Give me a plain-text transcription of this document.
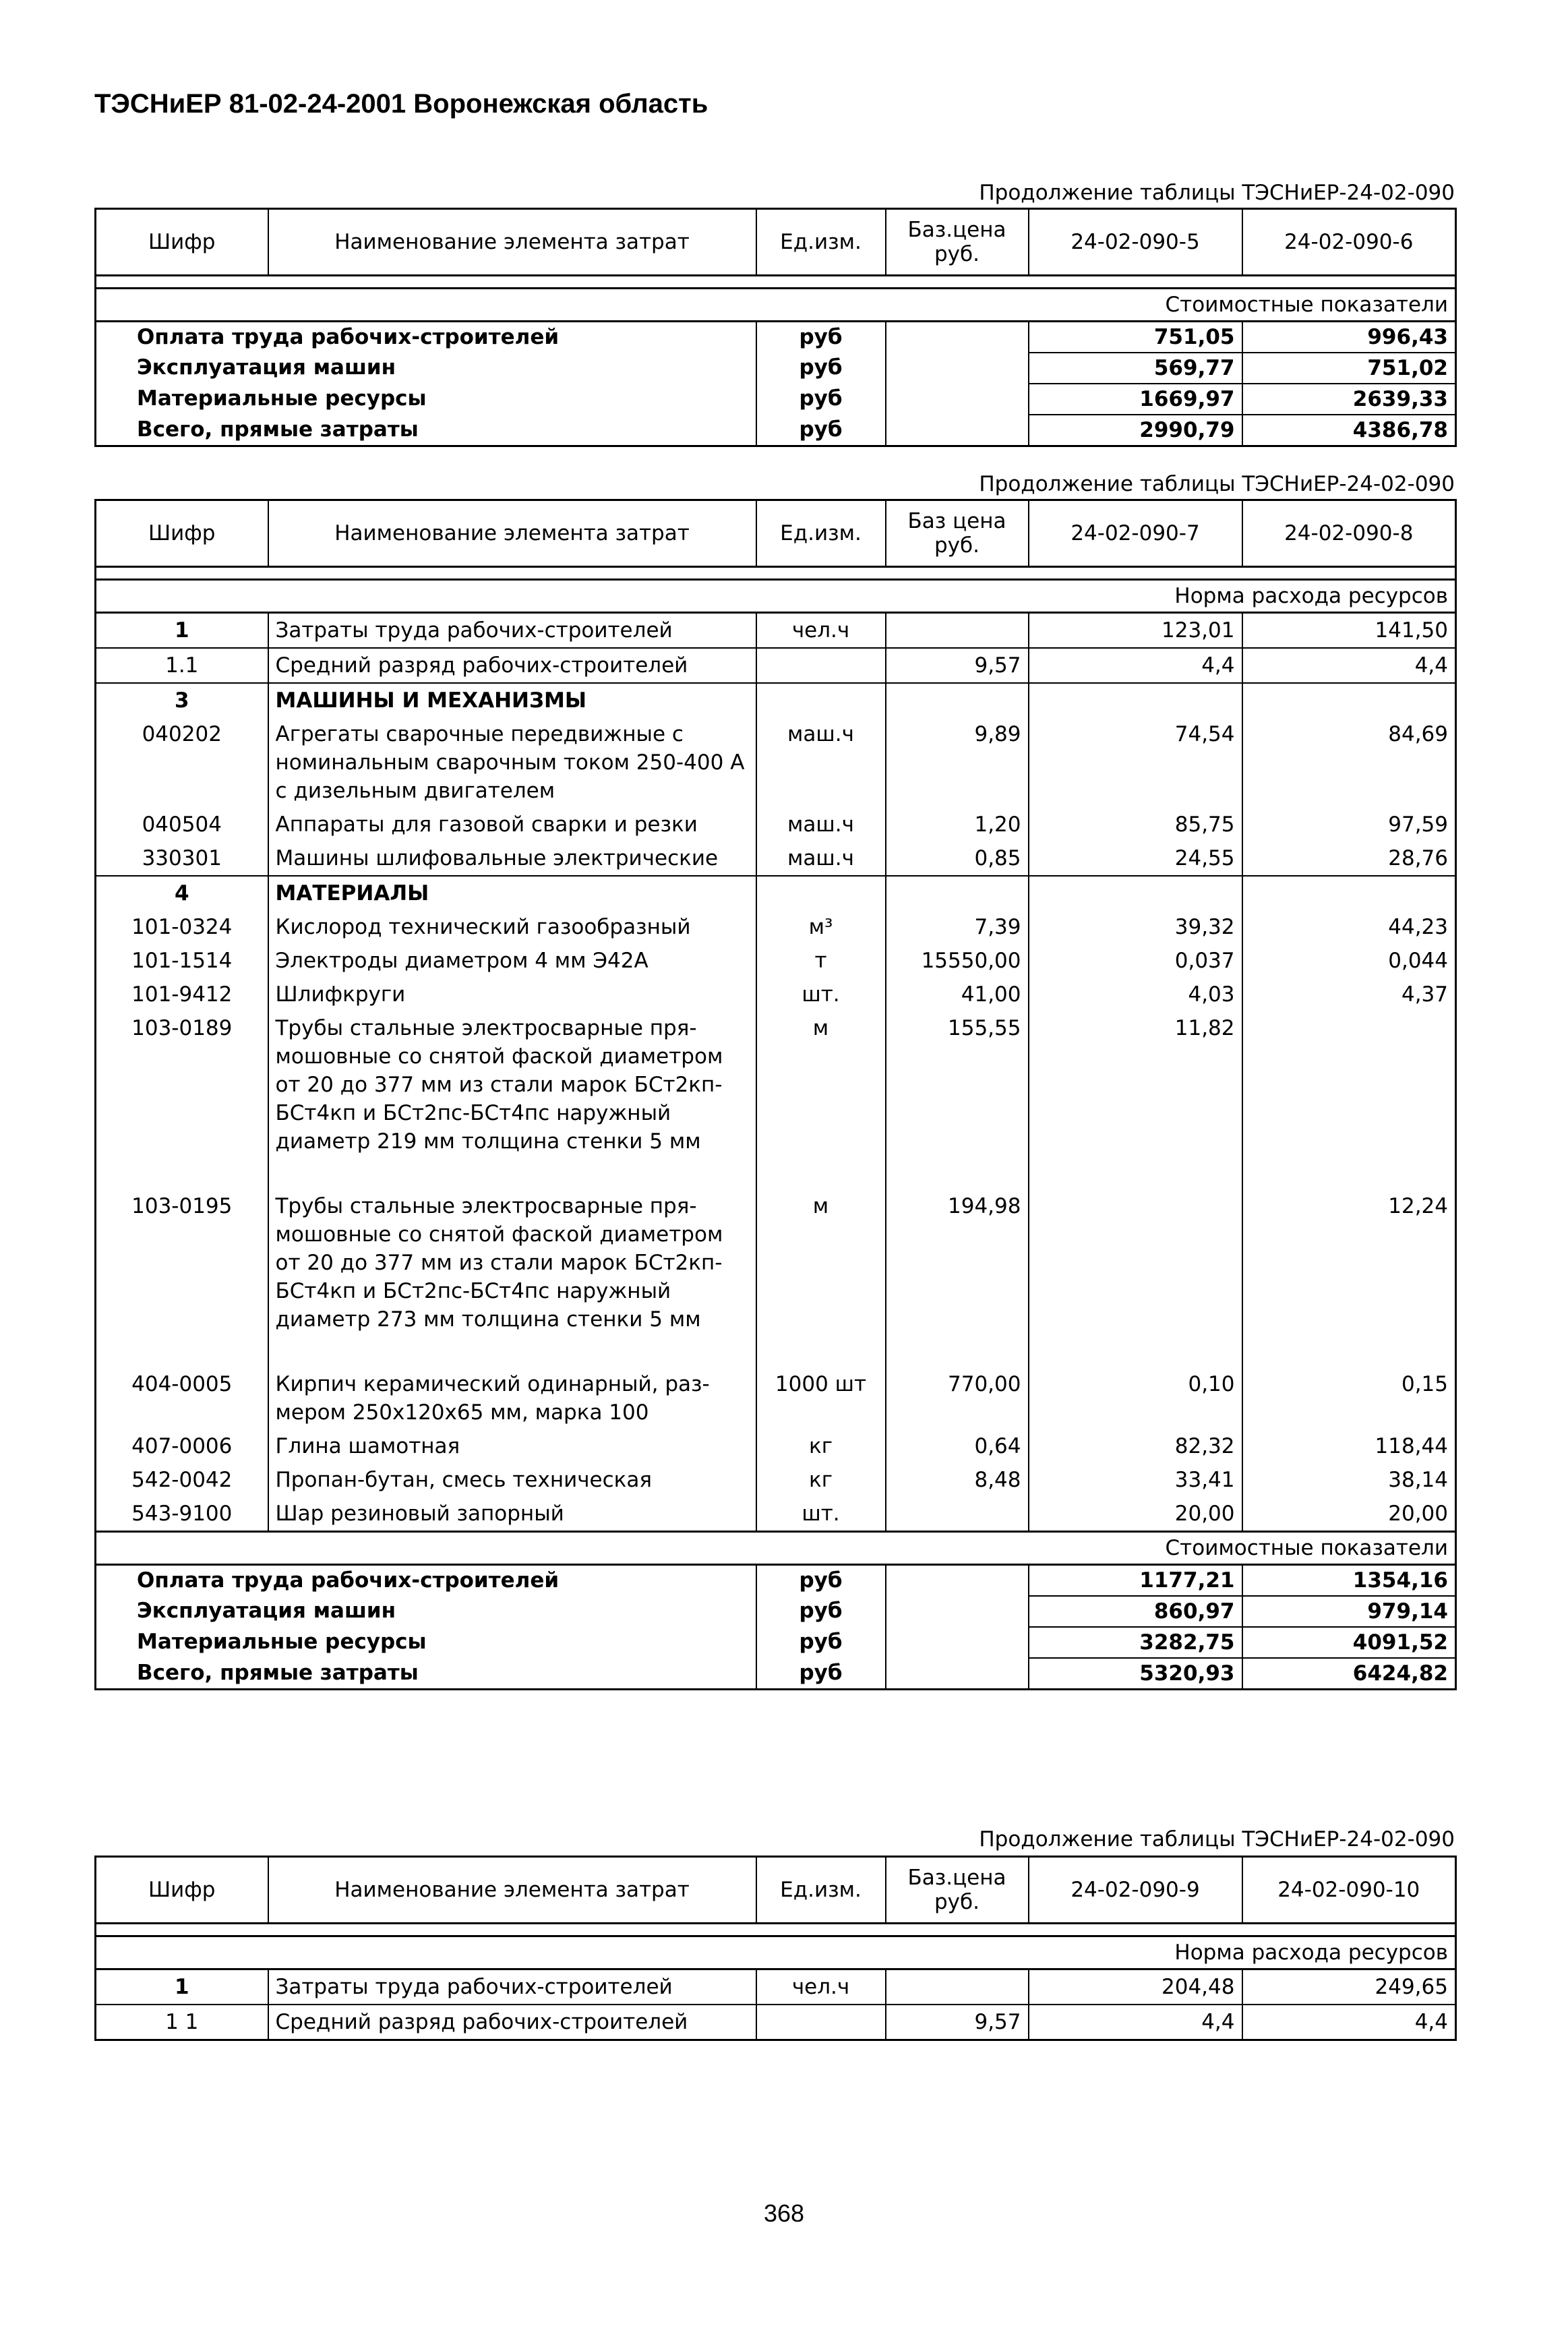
ТЭСНиЕР 81-02-24-2001 Воронежская область
Продолжение таблицы ТЭСНиЕР-24-02-090
Шифр	Наименование элемента затрат	Ед.изм.	Баз.цена руб.	24-02-090-5	24-02-090-6

Стоимостные показатели					
Оплата труда рабочих-строителей		руб		751,05	996,43
Эксплуатация машин		руб		569,77	751,02
Материальные ресурсы		руб		1669,97	2639,33
Всего, прямые затраты		руб		2990,79	4386,78
Продолжение таблицы ТЭСНиЕР-24-02-090
Шифр	Наименование элемента затрат	Ед.изм.	Баз цена руб.	24-02-090-7	24-02-090-8

Норма расхода ресурсов					
1	Затраты труда рабочих-строителей	чел.ч		123,01	141,50
1.1	Средний разряд рабочих-строителей		9,57	4,4	4,4
3	МАШИНЫ И МЕХАНИЗМЫ				
040202	Агрегаты сварочные передвижные с номинальным сварочным током 250-400 А с дизельным двигателем	маш.ч	9,89	74,54	84,69
040504	Аппараты для газовой сварки и резки	маш.ч	1,20	85,75	97,59
330301	Машины шлифовальные электрические	маш.ч	0,85	24,55	28,76
4	МАТЕРИАЛЫ				
101-0324	Кислород технический газообразный	м³	7,39	39,32	44,23
101-1514	Электроды диаметром 4 мм Э42А	т	15550,00	0,037	0,044
101-9412	Шлифкруги	шт.	41,00	4,03	4,37
103-0189	Трубы стальные электросварные пря-мошовные со снятой фаской диаметром от 20 до 377 мм из стали марок БСт2кп-БСт4кп и БСт2пс-БСт4пс наружный диаметр 219 мм толщина стенки 5 мм	м	155,55	11,82	
103-0195	Трубы стальные электросварные пря-мошовные со снятой фаской диаметром от 20 до 377 мм из стали марок БСт2кп-БСт4кп и БСт2пс-БСт4пс наружный диаметр 273 мм толщина стенки 5 мм	м	194,98		12,24
404-0005	Кирпич керамический одинарный, раз-мером 250х120х65 мм, марка 100	1000 шт	770,00	0,10	0,15
407-0006	Глина шамотная	кг	0,64	82,32	118,44
542-0042	Пропан-бутан, смесь техническая	кг	8,48	33,41	38,14
543-9100	Шар резиновый запорный	шт.		20,00	20,00
Стоимостные показатели					
Оплата труда рабочих-строителей		руб		1177,21	1354,16
Эксплуатация машин		руб		860,97	979,14
Материальные ресурсы		руб		3282,75	4091,52
Всего, прямые затраты		руб		5320,93	6424,82
Продолжение таблицы ТЭСНиЕР-24-02-090
Шифр	Наименование элемента затрат	Ед.изм.	Баз.цена руб.	24-02-090-9	24-02-090-10

Норма расхода ресурсов					
1	Затраты труда рабочих-строителей	чел.ч		204,48	249,65
1 1	Средний разряд рабочих-строителей		9,57	4,4	4,4
368
